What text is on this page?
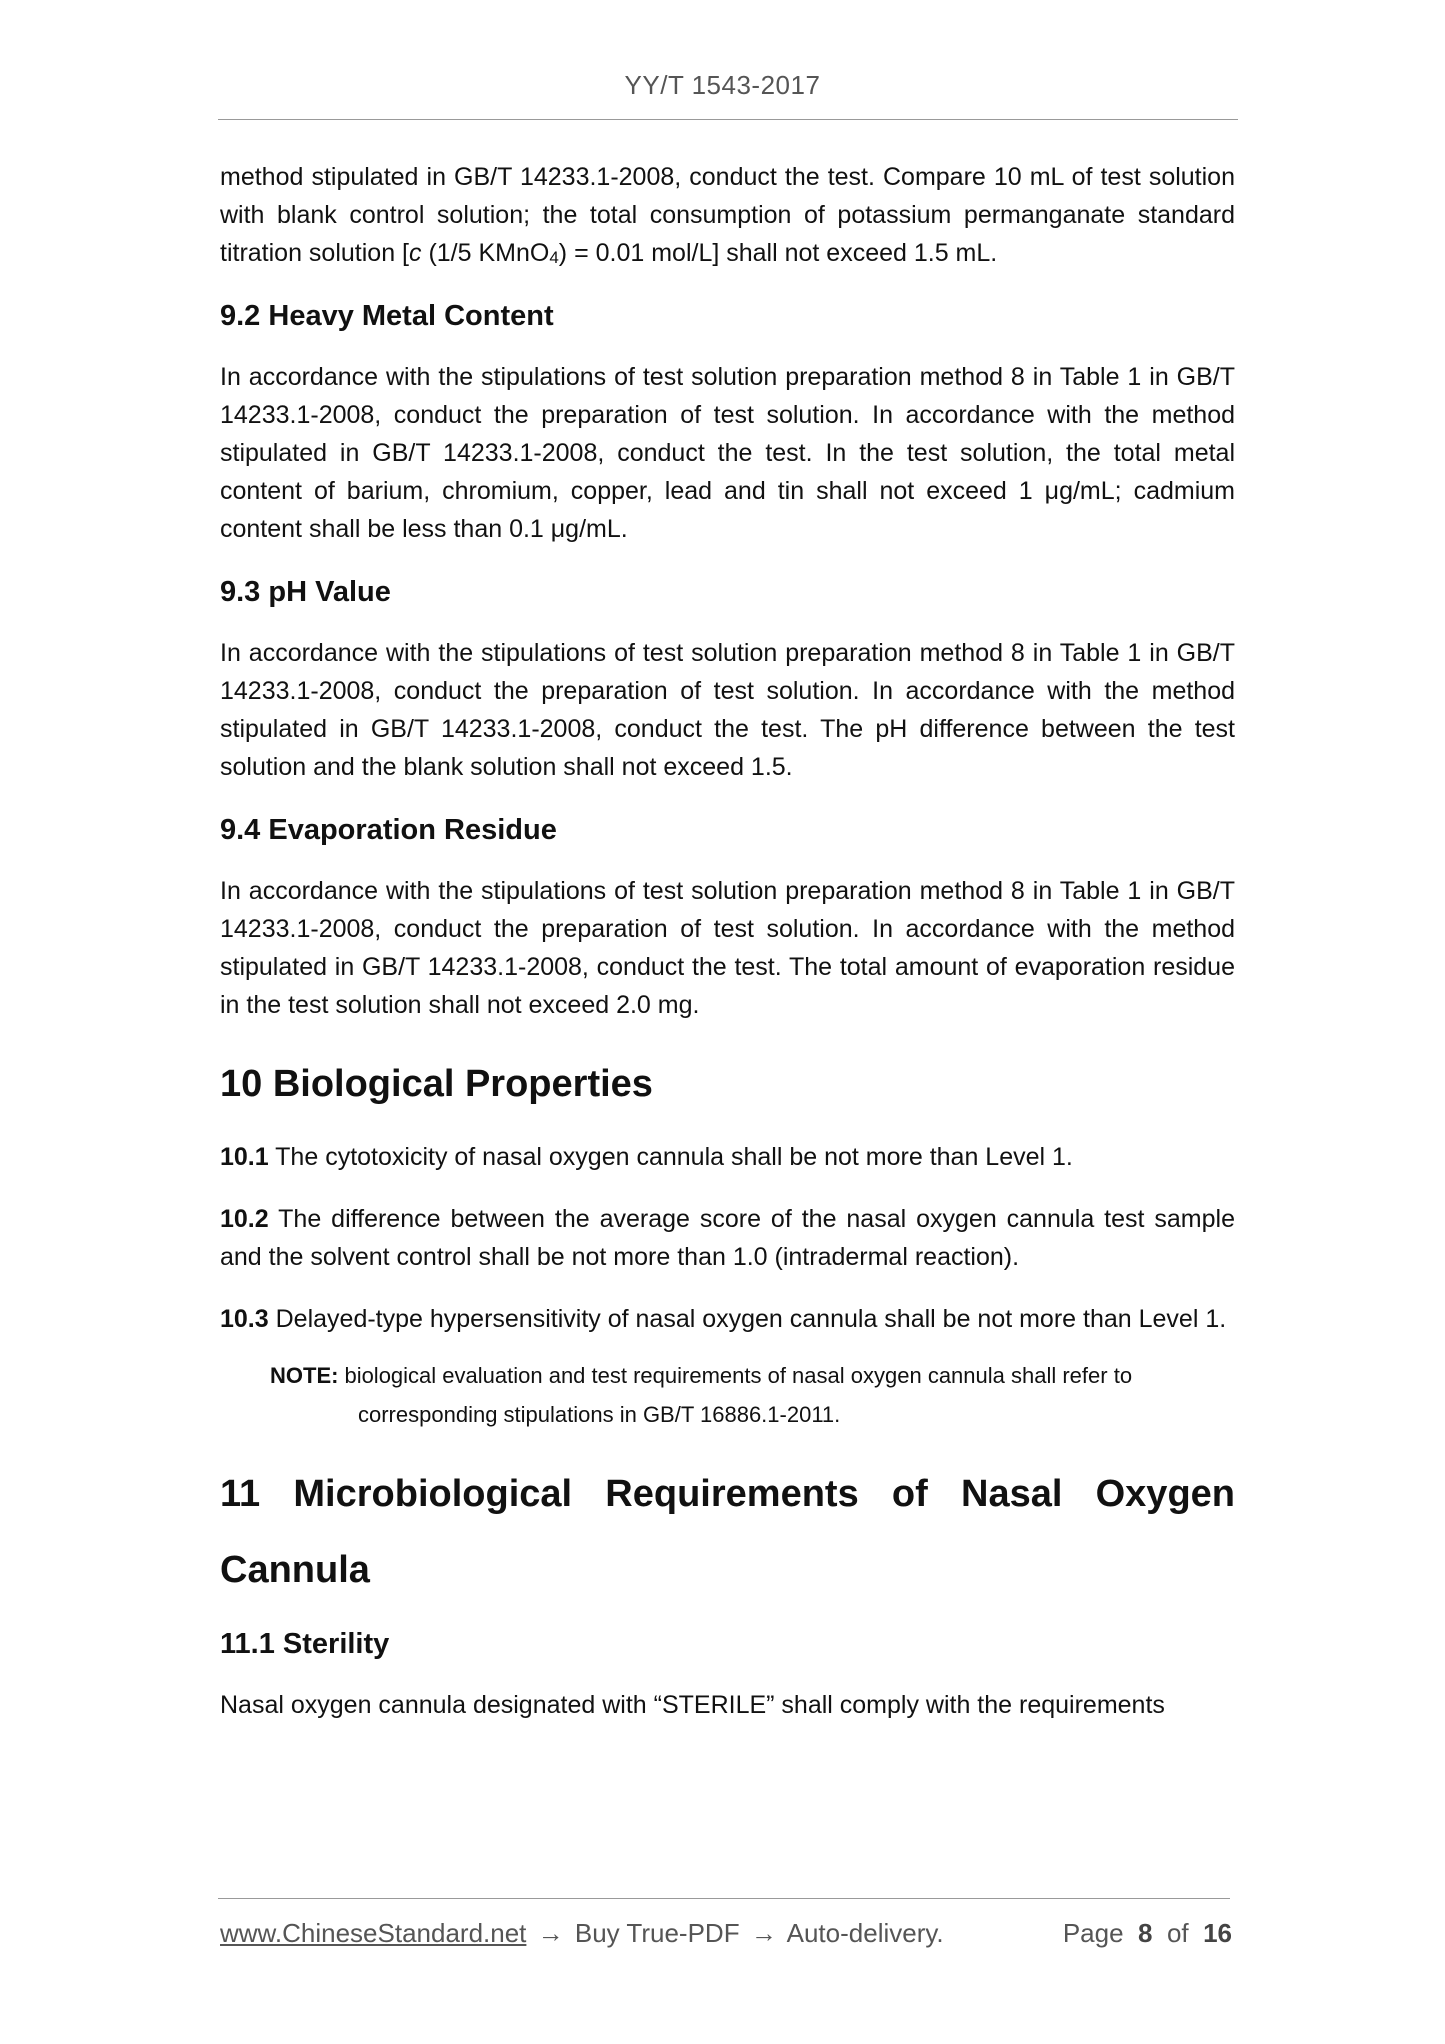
YY/T 1543-2017

method stipulated in GB/T 14233.1-2008, conduct the test. Compare 10 mL of test solution with blank control solution; the total consumption of potassium permanganate standard titration solution [c (1/5 KMnO$_4$) = 0.01 mol/L] shall not exceed 1.5 mL.

9.2 Heavy Metal Content

In accordance with the stipulations of test solution preparation method 8 in Table 1 in GB/T 14233.1-2008, conduct the preparation of test solution. In accordance with the method stipulated in GB/T 14233.1-2008, conduct the test. In the test solution, the total metal content of barium, chromium, copper, lead and tin shall not exceed 1 μg/mL; cadmium content shall be less than 0.1 μg/mL.

9.3 pH Value

In accordance with the stipulations of test solution preparation method 8 in Table 1 in GB/T 14233.1-2008, conduct the preparation of test solution. In accordance with the method stipulated in GB/T 14233.1-2008, conduct the test. The pH difference between the test solution and the blank solution shall not exceed 1.5.

9.4 Evaporation Residue

In accordance with the stipulations of test solution preparation method 8 in Table 1 in GB/T 14233.1-2008, conduct the preparation of test solution. In accordance with the method stipulated in GB/T 14233.1-2008, conduct the test. The total amount of evaporation residue in the test solution shall not exceed 2.0 mg.

10 Biological Properties

10.1 The cytotoxicity of nasal oxygen cannula shall be not more than Level 1.

10.2 The difference between the average score of the nasal oxygen cannula test sample and the solvent control shall be not more than 1.0 (intradermal reaction).

10.3 Delayed-type hypersensitivity of nasal oxygen cannula shall be not more than Level 1.

NOTE: biological evaluation and test requirements of nasal oxygen cannula shall refer to
corresponding stipulations in GB/T 16886.1-2011.
11 Microbiological Requirements of Nasal Oxygen Cannula
11.1 Sterility

Nasal oxygen cannula designated with “STERILE” shall comply with the requirements

www.ChineseStandard.net → Buy True-PDF → Auto-delivery.	Page 8 of 16
